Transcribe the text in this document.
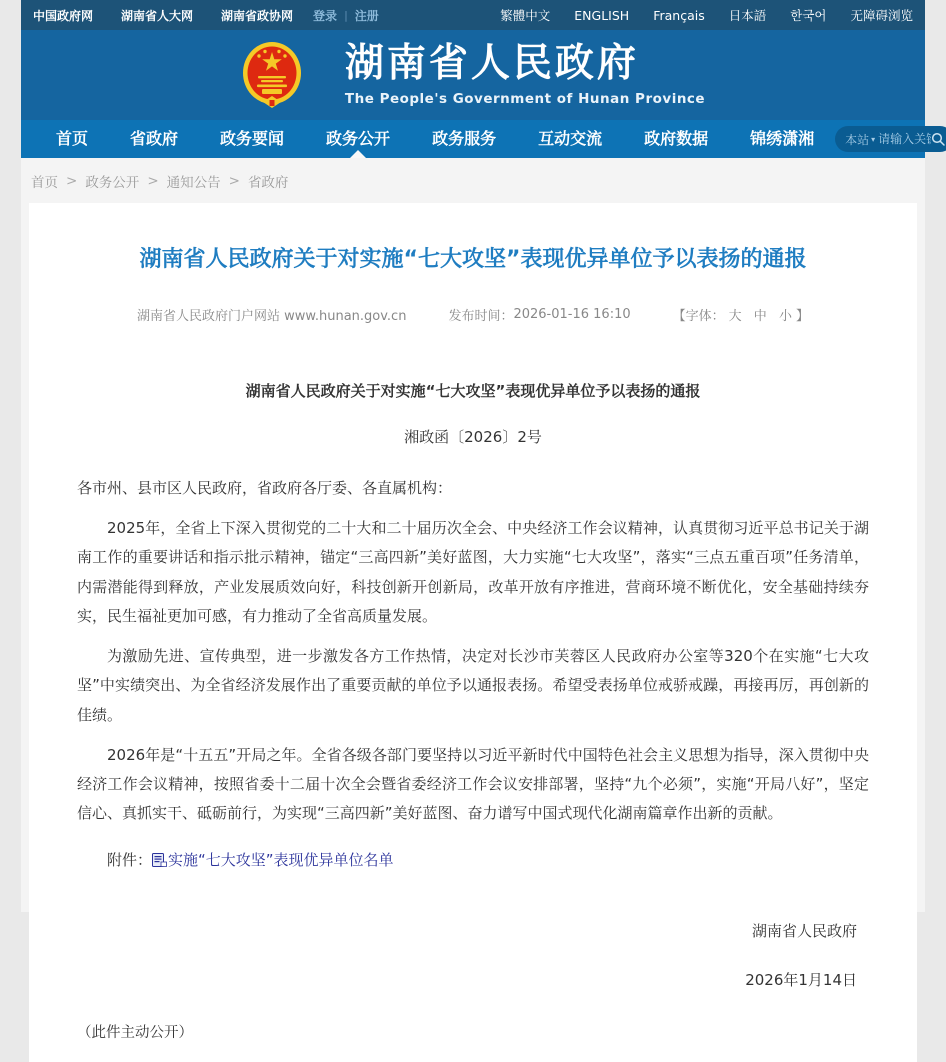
中国政府网	湖南省人大网	湖南省政协网	登录 | 注册	繁體中文	ENGLISH	Français	日本語	한국어	无障碍浏览
湖南省人民政府
The People's Government of Hunan Province
首页	省政府	政务要闻	政务公开	政务服务	互动交流	政府数据	锦绣潇湘	本站 ▾
请输入关键字
首页 > 政务公开 > 通知公告 > 省政府
湖南省人民政府关于对实施“七大攻坚”表现优异单位予以表扬的通报
湖南省人民政府门户网站 www.hunan.gov.cn	发布时间： 2026-01-16 16:10	【字体： 大 中 小 】
湖南省人民政府关于对实施“七大攻坚”表现优异单位予以表扬的通报
湘政函〔2026〕2号
各市州、县市区人民政府，省政府各厅委、各直属机构：

2025年，全省上下深入贯彻党的二十大和二十届历次全会、中央经济工作会议精神，认真贯彻习近平总书记关于湖南工作的重要讲话和指示批示精神，锚定“三高四新”美好蓝图，大力实施“七大攻坚”，落实“三点五重百项”任务清单，内需潜能得到释放，产业发展质效向好，科技创新开创新局，改革开放有序推进，营商环境不断优化，安全基础持续夯实，民生福祉更加可感，有力推动了全省高质量发展。

为激励先进、宣传典型，进一步激发各方工作热情，决定对长沙市芙蓉区人民政府办公室等320个在实施“七大攻坚”中实绩突出、为全省经济发展作出了重要贡献的单位予以通报表扬。希望受表扬单位戒骄戒躁，再接再厉，再创新的佳绩。

2026年是“十五五”开局之年。全省各级各部门要坚持以习近平新时代中国特色社会主义思想为指导，深入贯彻中央经济工作会议精神，按照省委十二届十次全会暨省委经济工作会议安排部署，坚持“九个必须”，实施“开局八好”，坚定信心、真抓实干、砥砺前行，为实现“三高四新”美好蓝图、奋力谱写中国式现代化湖南篇章作出新的贡献。

附件： 实施“七大攻坚”表现优异单位名单
湖南省人民政府
2026年1月14日
（此件主动公开）
